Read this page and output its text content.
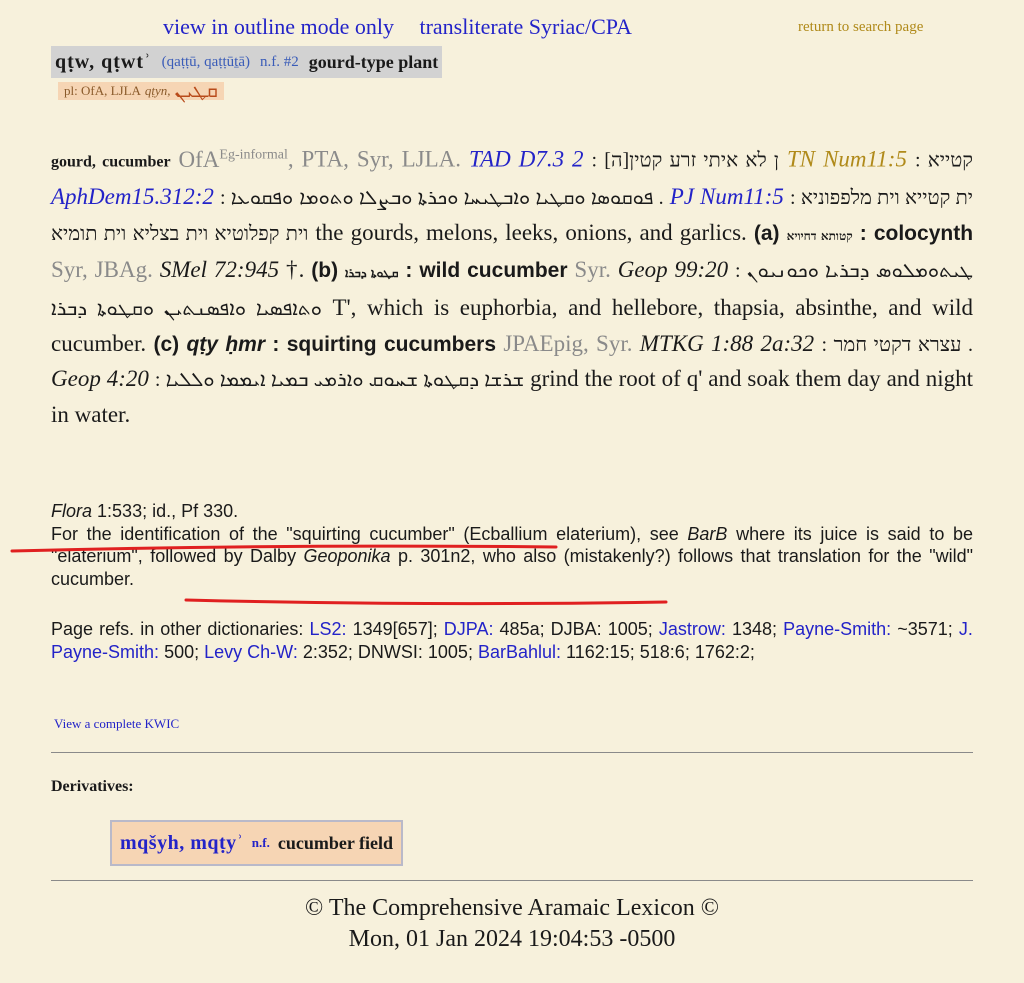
view in outline mode only transliterate Syriac/CPA	return to search page
qṭw, qṭwtʾ (qaṭṭū, qaṭṭūṯā) n.f. #2 gourd-type plant
pl: OfA, LJLA qṭyn, ܩܛܝܢ
gourd, cucumber OfA$^{Eg-informal}$, PTA, Syr, LJLA. TAD D7.3 2 : [ה]ן לא איתי זרע קטין TN Num11:5 : קטייא AphDem15.312:2 : ܦܘܩܘܣܐ ܘܩܛܝܐ ܘܐܒܛܝܚܐ ܘܟܪܬܐ ܘܒܨܠܐ ܘܬܘܡܐ ܘܦܩܘܥܐ . PJ Num11:5 : ית קטייא וית מלפפוניא וית קפלוטיא וית בצליא וית תומיא the gourds, melons, leeks, onions, and garlics. (a) קטותא דחיויא : colocynth Syr, JBAg. SMel 72:945 †. (b) ܩܛܘܬܐ ܕܒܪܐ : wild cucumber Syr. Geop 99:20 : ܛܝܬܘܡܠܘܣ ܕܒܪܝܐ ܘܟܘܢܝܘܢ ܘܬܐܦܣܝܐ ܘܐܦܣܢܬܝܢ ܘܩܛܘܬܐ ܕܒܪܐ T', which is euphorbia, and hellebore, thapsia, absinthe, and wild cucumber. (c) qṭy ḥmr : squirting cucumbers JPAEpig, Syr. MTKG 1:88 2a:32 : עצרא דקטי חמר . Geop 4:20 : ܫܪܫܐ ܕܩܛܘܬܐ ܫܚܘܩ ܘܐܪܡܝ ܒܡܝܐ ܐܝܡܡܐ ܘܠܠܝܐ grind the root of q' and soak them day and night in water.
Flora 1:533; id., Pf 330.
For the identification of the "squirting cucumber" (Ecballium elaterium), see BarB where its juice is said to be "elaterium", followed by Dalby Geoponika p. 301n2, who also (mistakenly?) follows that translation for the "wild" cucumber.
Page refs. in other dictionaries: LS2: 1349[657]; DJPA: 485a; DJBA: 1005; Jastrow: 1348; Payne-Smith: ~3571; J. Payne-Smith: 500; Levy Ch-W: 2:352; DNWSI: 1005; BarBahlul: 1162:15; 518:6; 1762:2;
View a complete KWIC
Derivatives:
mqšyh, mqṭyʾ n.f. cucumber field
© The Comprehensive Aramaic Lexicon ©
Mon, 01 Jan 2024 19:04:53 -0500
